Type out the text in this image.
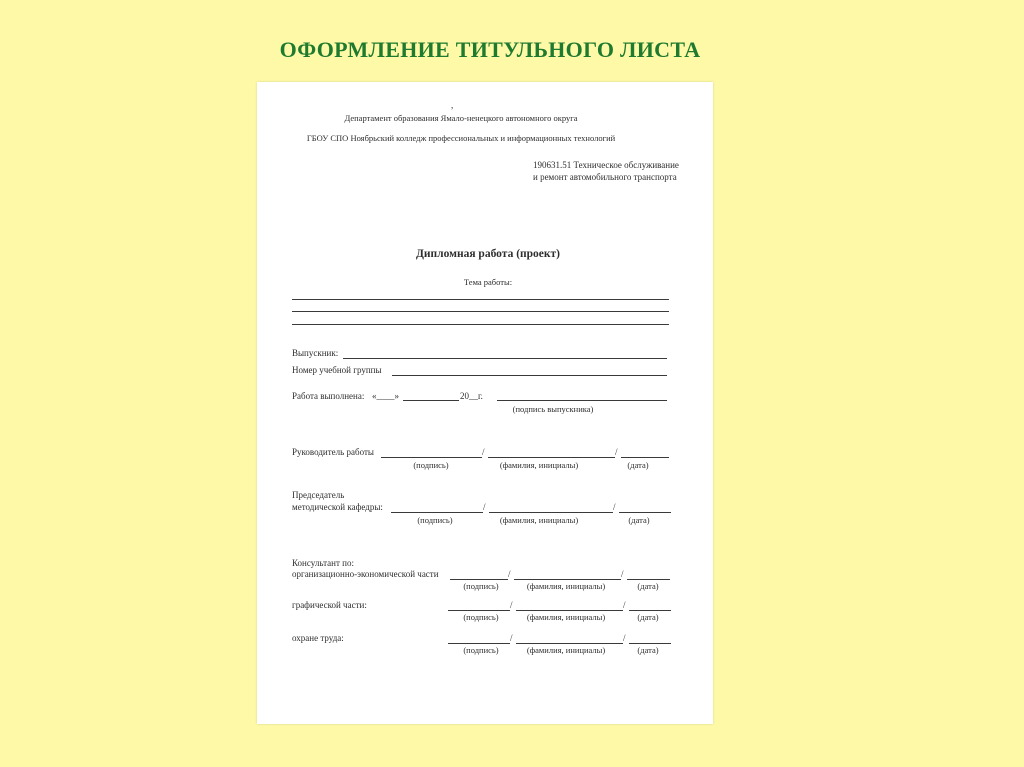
ОФОРМЛЕНИЕ ТИТУЛЬНОГО ЛИСТА
,
Департамент образования Ямало-ненецкого автономного округа
ГБОУ СПО Ноябрьский колледж профессиональных и информационных технологий
190631.51 Техническое обслуживание
и ремонт автомобильного транспорта
Дипломная работа (проект)
Тема работы:
Выпускник:
Номер учебной группы
Работа выполнена: «____»	20__г.
(подпись выпускника)
Руководитель работы	/	/
(подпись)	(фамилия, инициалы)	(дата)
Председатель
методической кафедры:	/	/
(подпись)	(фамилия, инициалы)	(дата)
Консультант по:
организационно-экономической части	/	/
(подпись)	(фамилия, инициалы)	(дата)
графической части:	/	/
(подпись)	(фамилия, инициалы)	(дата)
охране труда:	/	/
(подпись)	(фамилия, инициалы)	(дата)
